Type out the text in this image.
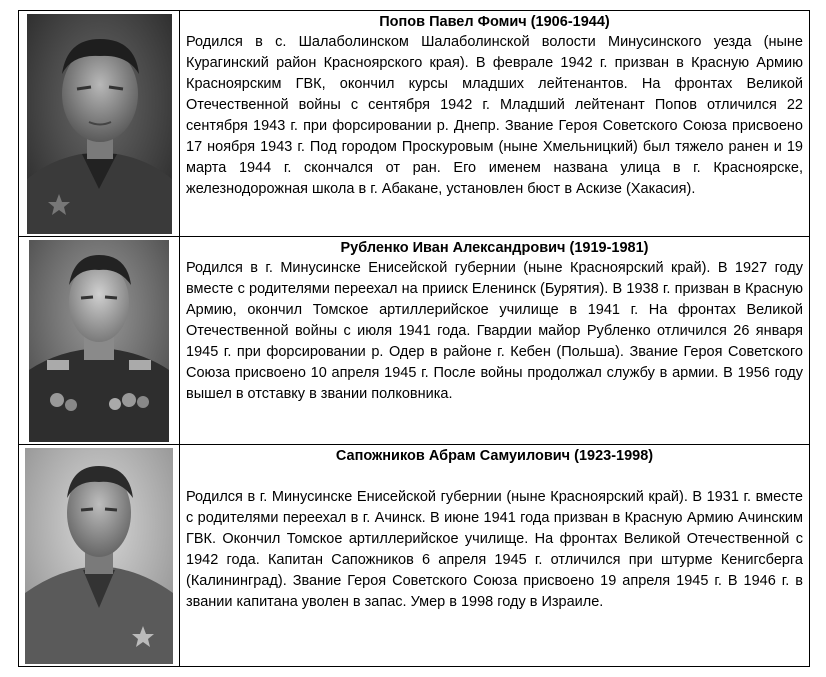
Попов Павел Фомич (1906-1944)

Родился в с. Шалаболинском Шалаболинской волости Минусинского уезда (ныне Курагинский район Красноярского края). В феврале 1942 г. призван в Красную Армию Красноярским ГВК, окончил курсы младших лейтенантов. На фронтах Великой Отечественной войны с сентября 1942 г. Младший лейтенант Попов отличился 22 сентября 1943 г. при форсировании р. Днепр. Звание Героя Советского Союза присвоено 17 ноября 1943 г. Под городом Проскуровым (ныне Хмельницкий) был тяжело ранен и 19 марта 1944 г. скончался от ран. Его именем названа улица в г. Красноярске, железнодорожная школа в г. Абакане, установлен бюст в Аскизе (Хакасия).

Рубленко Иван Александрович (1919-1981)

Родился в г. Минусинске Енисейской губернии (ныне Красноярский край). В 1927 году вместе с родителями переехал на прииск Еленинск (Бурятия). В 1938 г. призван в Красную Армию, окончил Томское артиллерийское училище в 1941 г. На фронтах Великой Отечественной войны с июля 1941 года. Гвардии майор Рубленко отличился 26 января 1945 г. при форсировании р. Одер в районе г. Кебен (Польша). Звание Героя Советского Союза присвоено 10 апреля 1945 г. После войны продолжал службу в армии. В 1956 году вышел в отставку в звании полковника.

Сапожников Абрам Самуилович (1923-1998)

Родился в г. Минусинске Енисейской губернии (ныне Красноярский край). В 1931 г. вместе с родителями переехал в г. Ачинск. В июне 1941 года призван в Красную Армию Ачинским ГВК. Окончил Томское артиллерийское училище. На фронтах Великой Отечественной с 1942 года. Капитан Сапожников 6 апреля 1945 г. отличился при штурме Кенигсберга (Калининград). Звание Героя Советского Союза присвоено 19 апреля 1945 г. В 1946 г. в звании капитана уволен в запас. Умер в 1998 году в Израиле.
